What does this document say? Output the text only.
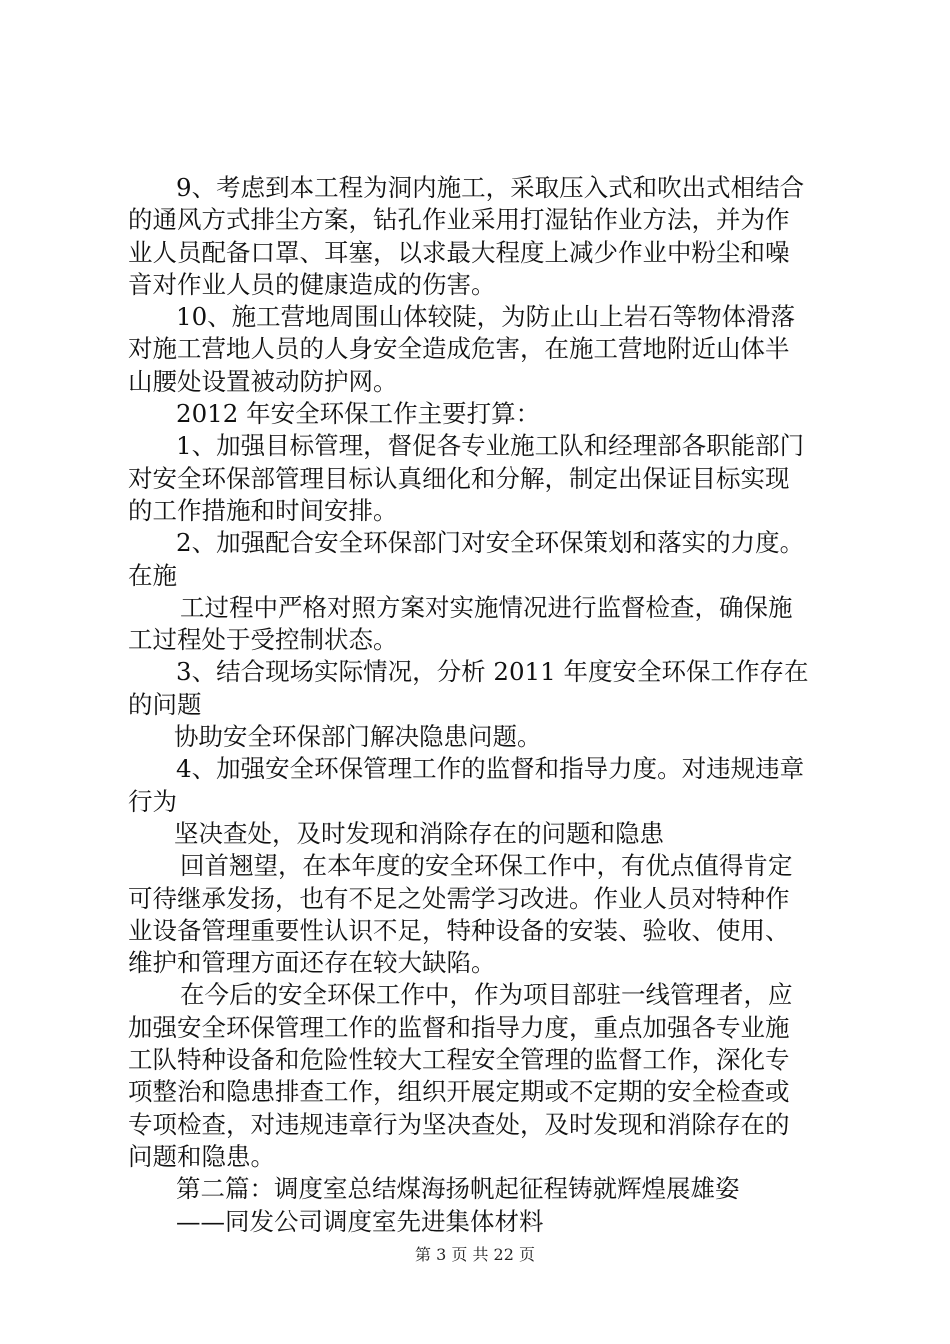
9、考虑到本工程为洞内施工，采取压入式和吹出式相结合
的通风方式排尘方案，钻孔作业采用打湿钻作业方法，并为作
业人员配备口罩、耳塞，以求最大程度上减少作业中粉尘和噪
音对作业人员的健康造成的伤害。
10、施工营地周围山体较陡，为防止山上岩石等物体滑落
对施工营地人员的人身安全造成危害，在施工营地附近山体半
山腰处设置被动防护网。
2012 年安全环保工作主要打算：
1、加强目标管理，督促各专业施工队和经理部各职能部门
对安全环保部管理目标认真细化和分解，制定出保证目标实现
的工作措施和时间安排。
2、加强配合安全环保部门对安全环保策划和落实的力度。
在施
工过程中严格对照方案对实施情况进行监督检查，确保施
工过程处于受控制状态。
3、结合现场实际情况，分析 2011 年度安全环保工作存在
的问题
协助安全环保部门解决隐患问题。
4、加强安全环保管理工作的监督和指导力度。对违规违章
行为
坚决查处，及时发现和消除存在的问题和隐患
回首翘望，在本年度的安全环保工作中，有优点值得肯定
可待继承发扬，也有不足之处需学习改进。作业人员对特种作
业设备管理重要性认识不足，特种设备的安装、验收、使用、
维护和管理方面还存在较大缺陷。
在今后的安全环保工作中，作为项目部驻一线管理者，应
加强安全环保管理工作的监督和指导力度，重点加强各专业施
工队特种设备和危险性较大工程安全管理的监督工作，深化专
项整治和隐患排查工作，组织开展定期或不定期的安全检查或
专项检查，对违规违章行为坚决查处，及时发现和消除存在的
问题和隐患。
第二篇：调度室总结煤海扬帆起征程铸就辉煌展雄姿
——同发公司调度室先进集体材料
第 3 页 共 22 页
